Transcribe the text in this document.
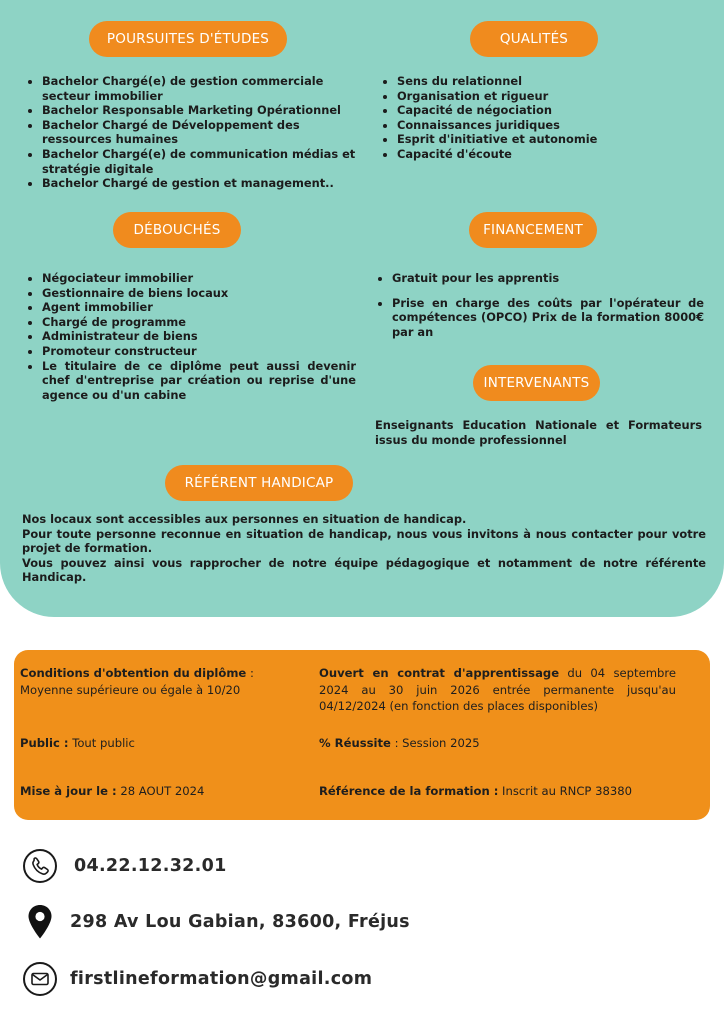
POURSUITES D'ÉTUDES
• Bachelor Chargé(e) de gestion commerciale secteur immobilier
• Bachelor Responsable Marketing Opérationnel
• Bachelor Chargé de Développement des ressources humaines
• Bachelor Chargé(e) de communication médias et stratégie digitale
• Bachelor Chargé de gestion et management..
QUALITÉS
• Sens du relationnel
• Organisation et rigueur
• Capacité de négociation
• Connaissances juridiques
• Esprit d'initiative et autonomie
• Capacité d'écoute
DÉBOUCHÉS
• Négociateur immobilier
• Gestionnaire de biens locaux
• Agent immobilier
• Chargé de programme
• Administrateur de biens
• Promoteur constructeur
• Le titulaire de ce diplôme peut aussi devenir chef d'entreprise par création ou reprise d'une agence ou d'un cabine
FINANCEMENT
• Gratuit pour les apprentis
• Prise en charge des coûts par l'opérateur de compétences (OPCO) Prix de la formation 8000€ par an
INTERVENANTS

Enseignants Education Nationale et Formateurs issus du monde professionnel

RÉFÉRENT HANDICAP

Nos locaux sont accessibles aux personnes en situation de handicap.

Pour toute personne reconnue en situation de handicap, nous vous invitons à nous contacter pour votre projet de formation.

Vous pouvez ainsi vous rapprocher de notre équipe pédagogique et notamment de notre référente Handicap.

Conditions d'obtention du diplôme :
Moyenne supérieure ou égale à 10/20

Ouvert en contrat d'apprentissage du 04 septembre 2024 au 30 juin 2026 entrée permanente jusqu'au 04/12/2024 (en fonction des places disponibles)

Public : Tout public	% Réussite : Session 2025

Mise à jour le : 28 AOUT 2024	Référence de la formation : Inscrit au RNCP 38380

04.22.12.32.01
298 Av Lou Gabian, 83600, Fréjus
firstlineformation@gmail.com
